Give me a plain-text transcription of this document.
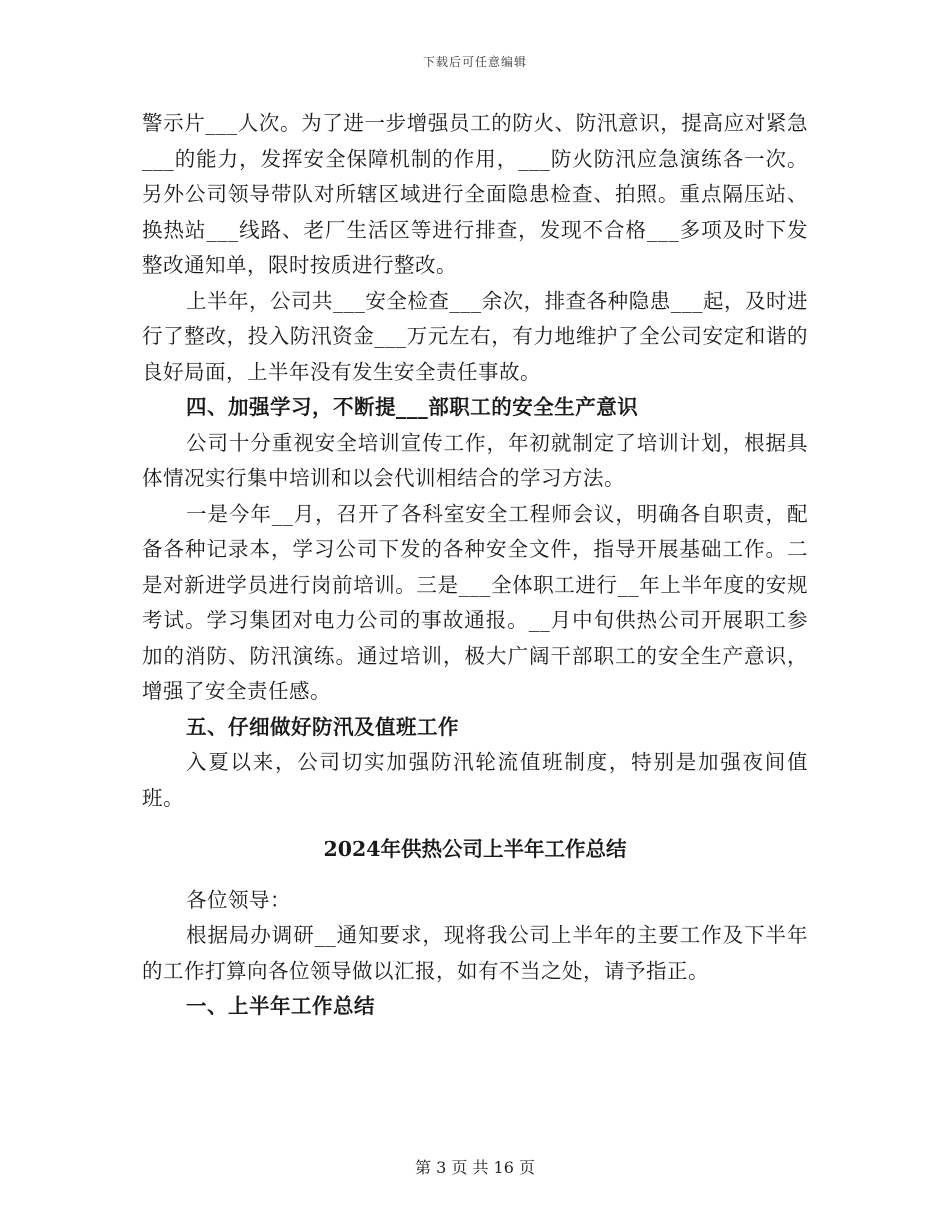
下载后可任意编辑

警示片___人次。为了进一步增强员工的防火、防汛意识，提高应对紧急___的能力，发挥安全保障机制的作用，___防火防汛应急演练各一次。另外公司领导带队对所辖区域进行全面隐患检查、拍照。重点隔压站、换热站___线路、老厂生活区等进行排查，发现不合格___多项及时下发整改通知单，限时按质进行整改。

上半年，公司共___安全检查___余次，排查各种隐患___起，及时进行了整改，投入防汛资金___万元左右，有力地维护了全公司安定和谐的良好局面，上半年没有发生安全责任事故。

四、加强学习，不断提___部职工的安全生产意识

公司十分重视安全培训宣传工作，年初就制定了培训计划，根据具体情况实行集中培训和以会代训相结合的学习方法。

一是今年__月，召开了各科室安全工程师会议，明确各自职责，配备各种记录本，学习公司下发的各种安全文件，指导开展基础工作。二是对新进学员进行岗前培训。三是___全体职工进行__年上半年度的安规考试。学习集团对电力公司的事故通报。__月中旬供热公司开展职工参加的消防、防汛演练。通过培训，极大广阔干部职工的安全生产意识，增强了安全责任感。

五、仔细做好防汛及值班工作

入夏以来，公司切实加强防汛轮流值班制度，特别是加强夜间值班。

2024年供热公司上半年工作总结

各位领导：

根据局办调研__通知要求，现将我公司上半年的主要工作及下半年的工作打算向各位领导做以汇报，如有不当之处，请予指正。

一、上半年工作总结

第 3 页 共 16 页
